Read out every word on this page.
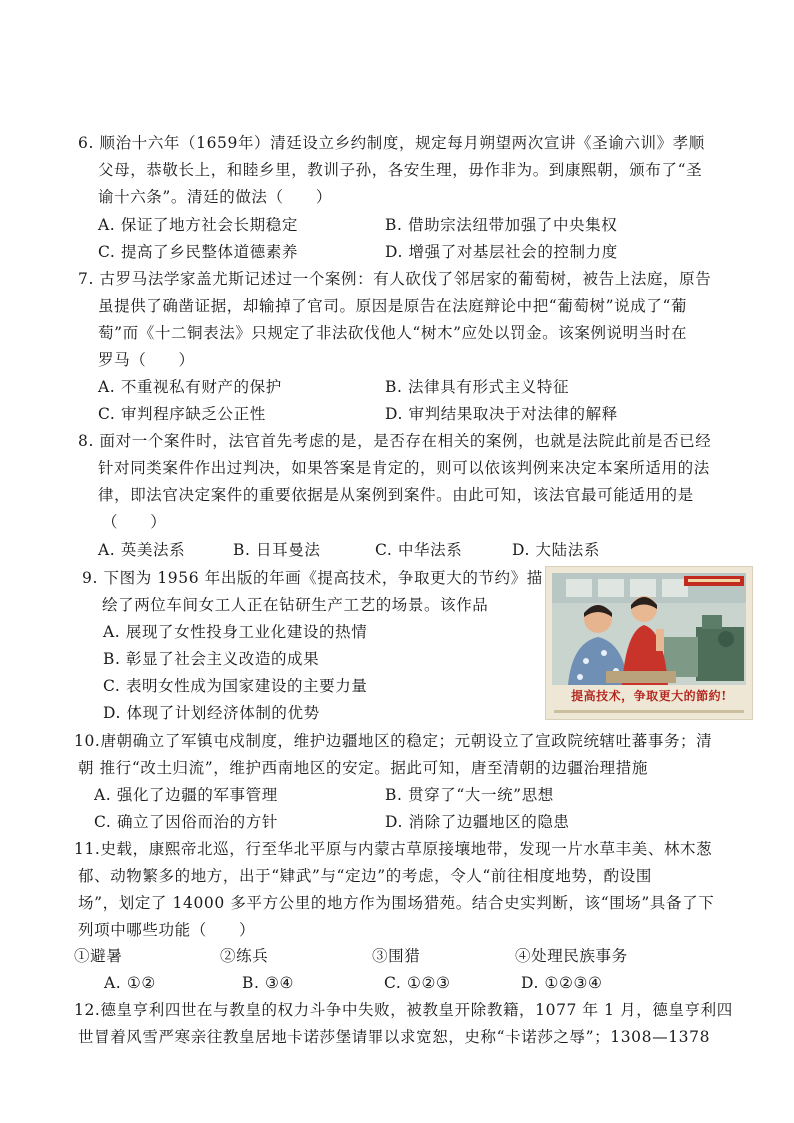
6. 顺治十六年（1659年）清廷设立乡约制度，规定每月朔望两次宣讲《圣谕六训》孝顺
父母，恭敬长上，和睦乡里，教训子孙，各安生理，毋作非为。到康熙朝，颁布了“圣
谕十六条”。清廷的做法（　　）
A. 保证了地方社会长期稳定	B. 借助宗法纽带加强了中央集权
C. 提高了乡民整体道德素养	D. 增强了对基层社会的控制力度
7. 古罗马法学家盖尤斯记述过一个案例：有人砍伐了邻居家的葡萄树，被告上法庭，原告
虽提供了确凿证据，却输掉了官司。原因是原告在法庭辩论中把“葡萄树”说成了“葡
萄”而《十二铜表法》只规定了非法砍伐他人“树木”应处以罚金。该案例说明当时在
罗马（　　）
A. 不重视私有财产的保护	B. 法律具有形式主义特征
C. 审判程序缺乏公正性	D. 审判结果取决于对法律的解释
8. 面对一个案件时，法官首先考虑的是，是否存在相关的案例，也就是法院此前是否已经
针对同类案件作出过判决，如果答案是肯定的，则可以依该判例来决定本案所适用的法
律，即法官决定案件的重要依据是从案例到案件。由此可知，该法官最可能适用的是
（　　）
A. 英美法系	B. 日耳曼法	C. 中华法系	D. 大陆法系
9. 下图为 1956 年出版的年画《提高技术，争取更大的节约》描
绘了两位车间女工人正在钻研生产工艺的场景。该作品
A. 展现了女性投身工业化建设的热情
B. 彰显了社会主义改造的成果
C. 表明女性成为国家建设的主要力量
D. 体现了计划经济体制的优势
提高技术，争取更大的節約!
10.唐朝确立了军镇屯戍制度，维护边疆地区的稳定；元朝设立了宣政院统辖吐蕃事务；清
朝 推行“改土归流”，维护西南地区的安定。据此可知，唐至清朝的边疆治理措施
A. 强化了边疆的军事管理	B. 贯穿了“大一统”思想
C. 确立了因俗而治的方针	D. 消除了边疆地区的隐患
11.史载，康熙帝北巡，行至华北平原与内蒙古草原接壤地带，发现一片水草丰美、林木葱
郁、动物繁多的地方，出于“肄武”与“定边”的考虑，令人“前往相度地势，酌设围
场”，划定了 14000 多平方公里的地方作为围场猎苑。结合史实判断，该“围场”具备了下
列项中哪些功能（　　）
①避暑	②练兵	③围猎	④处理民族事务
A. ①②	B. ③④	C. ①②③	D. ①②③④
12.德皇亨利四世在与教皇的权力斗争中失败，被教皇开除教籍，1077 年 1 月，德皇亨利四
世冒着风雪严寒亲往教皇居地卡诺莎堡请罪以求宽恕，史称“卡诺莎之辱”；1308—1378
